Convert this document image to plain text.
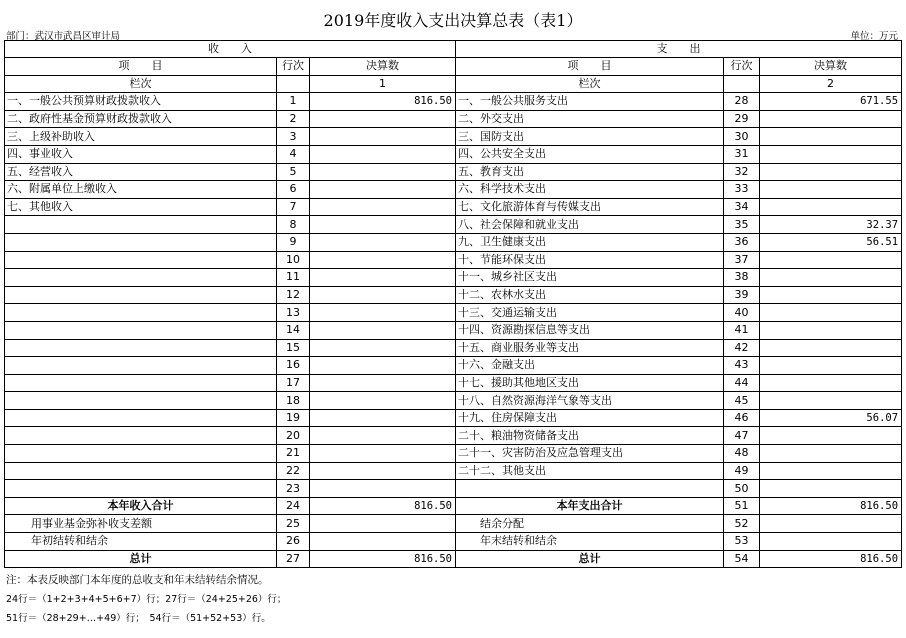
2019年度收入支出决算总表（表1）
部门：武汉市武昌区审计局	单位：万元
收　　入			支　　出		
项　　目	行次	决算数	项　　目	行次	决算数
栏次		1	栏次		2
一、一般公共预算财政拨款收入	1	816.50	一、一般公共服务支出	28	671.55
二、政府性基金预算财政拨款收入	2		二、外交支出	29	
三、上级补助收入	3		三、国防支出	30	
四、事业收入	4		四、公共安全支出	31	
五、经营收入	5		五、教育支出	32	
六、附属单位上缴收入	6		六、科学技术支出	33	
七、其他收入	7		七、文化旅游体育与传媒支出	34	
	8		八、社会保障和就业支出	35	32.37
	9		九、卫生健康支出	36	56.51
	10		十、节能环保支出	37	
	11		十一、城乡社区支出	38	
	12		十二、农林水支出	39	
	13		十三、交通运输支出	40	
	14		十四、资源勘探信息等支出	41	
	15		十五、商业服务业等支出	42	
	16		十六、金融支出	43	
	17		十七、援助其他地区支出	44	
	18		十八、自然资源海洋气象等支出	45	
	19		十九、住房保障支出	46	56.07
	20		二十、粮油物资储备支出	47	
	21		二十一、灾害防治及应急管理支出	48	
	22		二十二、其他支出	49	
	23			50	
本年收入合计	24	816.50	本年支出合计	51	816.50
用事业基金弥补收支差额	25		结余分配	52	
年初结转和结余	26		年末结转和结余	53	
总计	27	816.50	总计	54	816.50
注：本表反映部门本年度的总收支和年末结转结余情况。
24行＝（1+2+3+4+5+6+7）行；27行＝（24+25+26）行；
51行＝（28+29+…+49）行；　54行＝（51+52+53）行。
